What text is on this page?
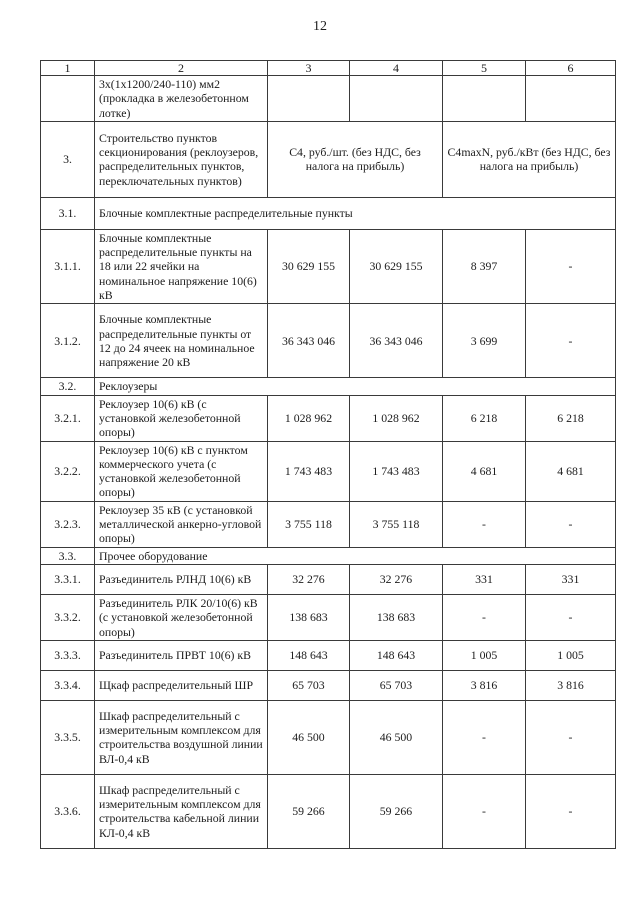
12
1	2	3	4	5	6
	3х(1х1200/240-110) мм2 (прокладка в железобетонном лотке)				
3.	Строительство пунктов секционирования (реклоузеров, распределительных пунктов, переключательных пунктов)	С4, руб./шт. (без НДС, без налога на прибыль)		C4maxN, руб./кВт (без НДС, без налога на прибыль)	
3.1.	Блочные комплектные распределительные пункты				
3.1.1.	Блочные комплектные распределительные пункты на 18 или 22 ячейки на номинальное напряжение 10(6) кВ	30 629 155	30 629 155	8 397	-
3.1.2.	Блочные комплектные распределительные пункты от 12 до 24 ячеек на номинальное напряжение 20 кВ	36 343 046	36 343 046	3 699	-
3.2.	Реклоузеры				
3.2.1.	Реклоузер 10(6) кВ (с установкой железобетонной опоры)	1 028 962	1 028 962	6 218	6 218
3.2.2.	Реклоузер 10(6) кВ с пунктом коммерческого учета (с установкой железобетонной опоры)	1 743 483	1 743 483	4 681	4 681
3.2.3.	Реклоузер 35 кВ (с установкой металлической анкерно-угловой опоры)	3 755 118	3 755 118	-	-
3.3.	Прочее оборудование				
3.3.1.	Разъединитель РЛНД 10(6) кВ	32 276	32 276	331	331
3.3.2.	Разъединитель РЛК 20/10(6) кВ (с установкой железобетонной опоры)	138 683	138 683	-	-
3.3.3.	Разъединитель ПРВТ 10(6) кВ	148 643	148 643	1 005	1 005
3.3.4.	Щкаф распределительный ШР	65 703	65 703	3 816	3 816
3.3.5.	Шкаф распределительный с измерительным комплексом для строительства воздушной линии ВЛ-0,4 кВ	46 500	46 500	-	-
3.3.6.	Шкаф распределительный с измерительным комплексом для строительства кабельной линии КЛ-0,4 кВ	59 266	59 266	-	-
